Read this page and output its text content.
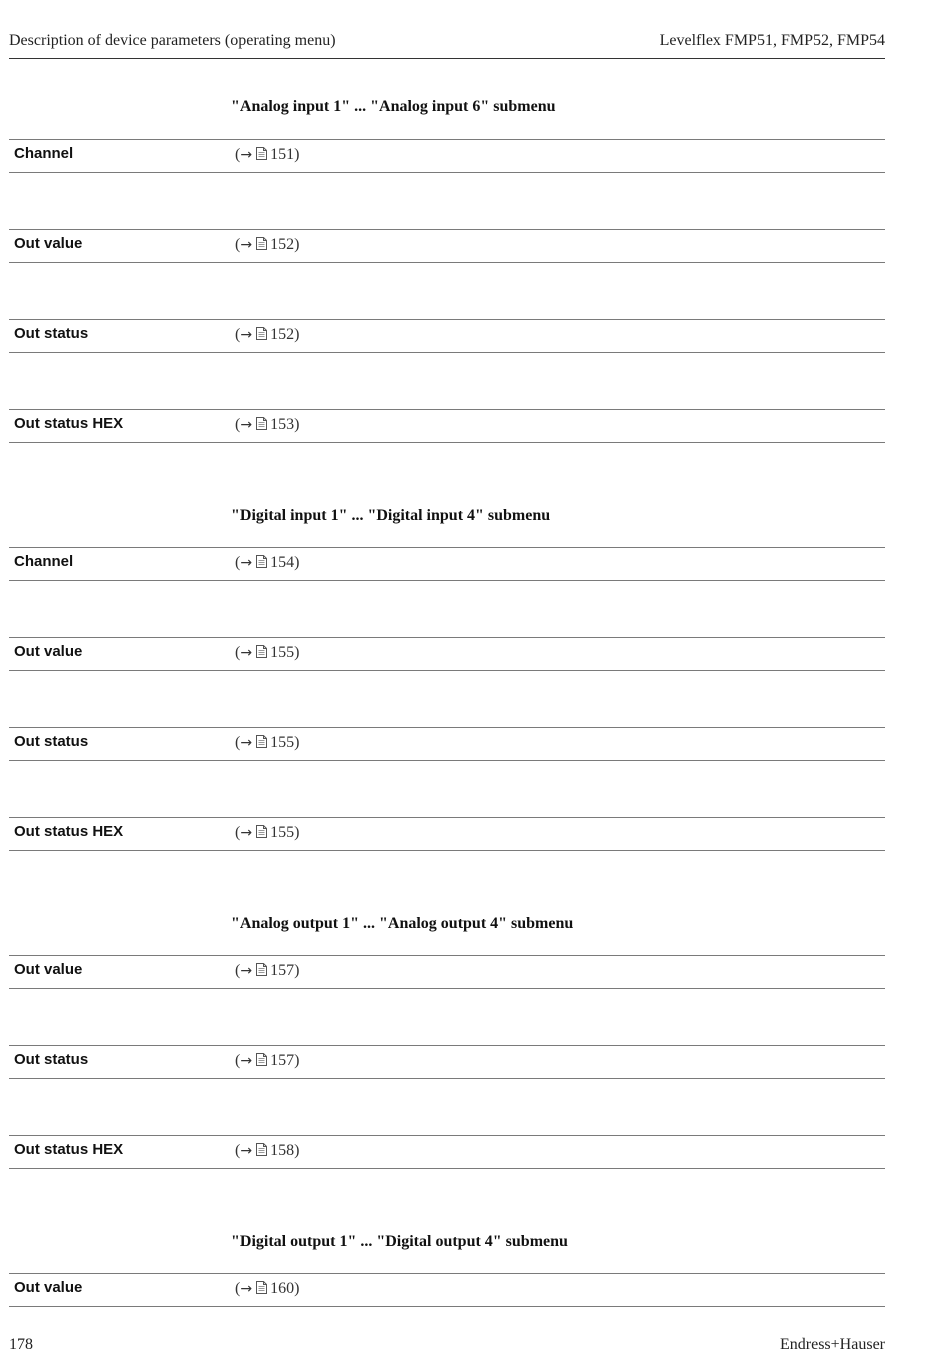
Description of device parameters (operating menu)	Levelflex FMP51, FMP52, FMP54
"Analog input 1" ... "Analog input 6" submenu
Channel	(→ 151)
Out value	(→ 152)
Out status	(→ 152)
Out status HEX	(→ 153)
"Digital input 1" ... "Digital input 4" submenu
Channel	(→ 154)
Out value	(→ 155)
Out status	(→ 155)
Out status HEX	(→ 155)
"Analog output 1" ... "Analog output 4" submenu
Out value	(→ 157)
Out status	(→ 157)
Out status HEX	(→ 158)
"Digital output 1" ... "Digital output 4" submenu
Out value	(→ 160)
178	Endress+Hauser
